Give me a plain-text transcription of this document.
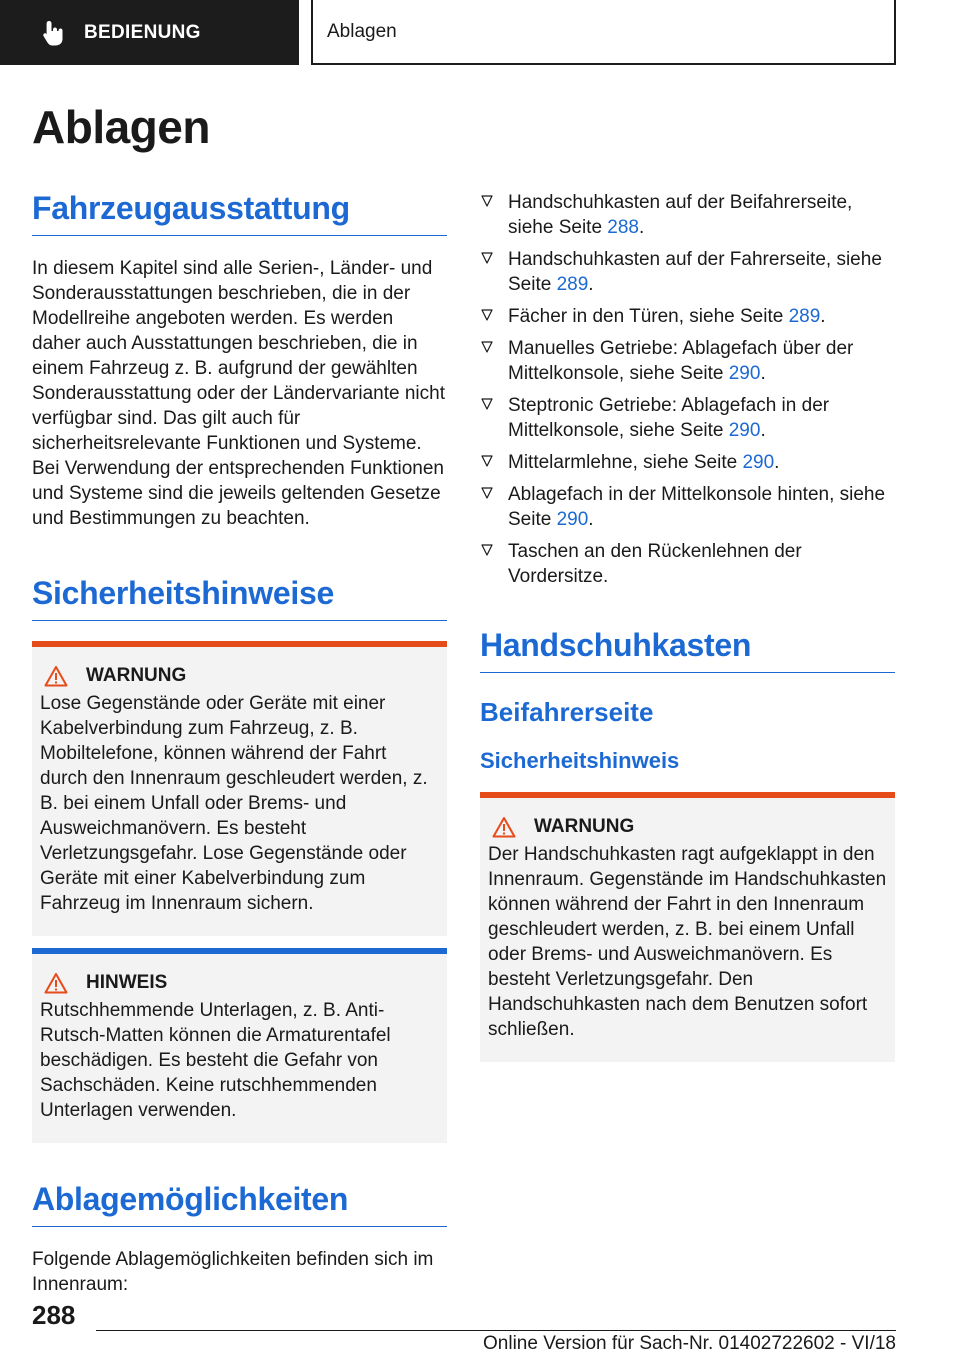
BEDIENUNG	Ablagen
Ablagen
Fahrzeugausstattung

In diesem Kapitel sind alle Serien-, Länder- und Sonderausstattungen beschrieben, die in der Modellreihe angeboten werden. Es werden daher auch Ausstattungen beschrieben, die in einem Fahrzeug z. B. aufgrund der gewählten Sonderausstattung oder der Ländervariante nicht verfügbar sind. Das gilt auch für sicherheitsrelevante Funktionen und Systeme. Bei Verwendung der entsprechenden Funktionen und Systeme sind die jeweils geltenden Gesetze und Bestimmungen zu beachten.

Sicherheitshinweise
WARNUNG

Lose Gegenstände oder Geräte mit einer Kabelverbindung zum Fahrzeug, z. B. Mobiltelefone, können während der Fahrt durch den Innenraum geschleudert werden, z. B. bei einem Unfall oder Brems- und Ausweichmanövern. Es besteht Verletzungsgefahr. Lose Gegenstände oder Geräte mit einer Kabelverbindung zum Fahrzeug im Innenraum sichern.

HINWEIS

Rutschhemmende Unterlagen, z. B. Anti-Rutsch-Matten können die Armaturentafel beschädigen. Es besteht die Gefahr von Sachschäden. Keine rutschhemmenden Unterlagen verwenden.

Ablagemöglichkeiten

Folgende Ablagemöglichkeiten befinden sich im Innenraum:

Handschuhkasten auf der Beifahrerseite, siehe Seite 288.
Handschuhkasten auf der Fahrerseite, siehe Seite 289.
Fächer in den Türen, siehe Seite 289.
Manuelles Getriebe: Ablagefach über der Mittelkonsole, siehe Seite 290.
Steptronic Getriebe: Ablagefach in der Mittelkonsole, siehe Seite 290.
Mittelarmlehne, siehe Seite 290.
Ablagefach in der Mittelkonsole hinten, siehe Seite 290.
Taschen an den Rückenlehnen der Vordersitze.
Handschuhkasten
Beifahrerseite
Sicherheitshinweis
WARNUNG

Der Handschuhkasten ragt aufgeklappt in den Innenraum. Gegenstände im Handschuhkasten können während der Fahrt in den Innenraum geschleudert werden, z. B. bei einem Unfall oder Brems- und Ausweichmanövern. Es besteht Verletzungsgefahr. Den Handschuhkasten nach dem Benutzen sofort schließen.

288
Online Version für Sach-Nr. 01402722602 - VI/18
